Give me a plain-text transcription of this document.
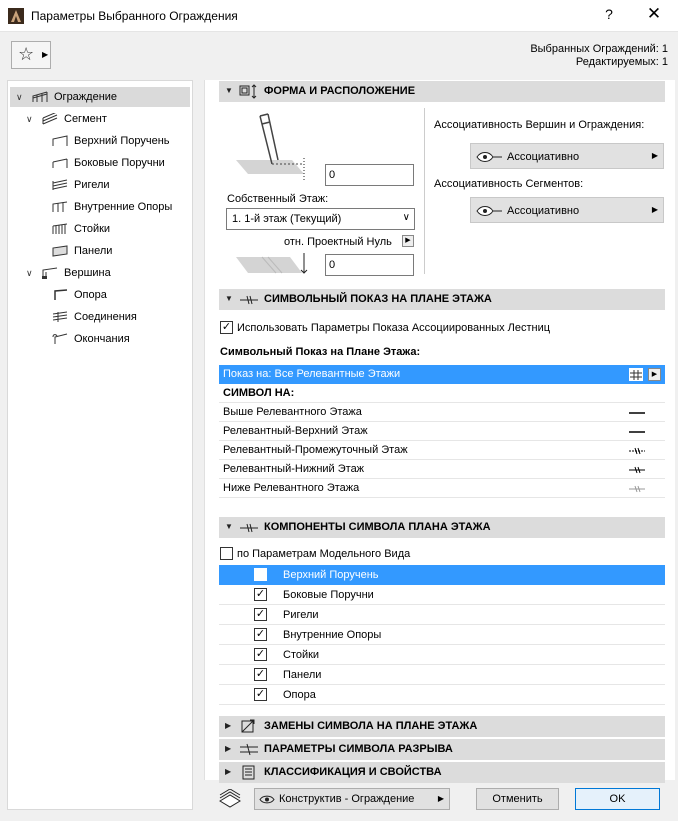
Параметры Выбранного Ограждения	?	✕
☆ ▶	Выбранных Ограждений: 1
Редактируемых: 1
∨	Ограждение
∨	Сегмент
Верхний Поручень
Боковые Поручни
Ригели
Внутренние Опоры
Стойки
Панели
∨	Вершина
Опора
Соединения
Окончания
▼	ФОРМА И РАСПОЛОЖЕНИЕ
0
Собственный Этаж:
1. 1-й этаж (Текущий)	∨
отн. Проектный Нуль	▶
0
Ассоциативность Вершин и Ограждения:
Ассоциативно	▶
Ассоциативность Сегментов:
Ассоциативно	▶
▼	СИМВОЛЬНЫЙ ПОКАЗ НА ПЛАНЕ ЭТАЖА
✓ Использовать Параметры Показа Ассоциированных Лестниц
Символьный Показ на Плане Этажа:
Показ на: Все Релевантные Этажи	▶
СИМВОЛ НА:
Выше Релевантного Этажа
Релевантный-Верхний Этаж
Релевантный-Промежуточный Этаж
Релевантный-Нижний Этаж
Ниже Релевантного Этажа
▼	КОМПОНЕНТЫ СИМВОЛА ПЛАНА ЭТАЖА
по Параметрам Модельного Вида
✓ Верхний Поручень
✓ Боковые Поручни
✓ Ригели
✓ Внутренние Опоры
✓ Стойки
✓ Панели
✓ Опора
▶	ЗАМЕНЫ СИМВОЛА НА ПЛАНЕ ЭТАЖА
▶	ПАРАМЕТРЫ СИМВОЛА РАЗРЫВА
▶	КЛАССИФИКАЦИЯ И СВОЙСТВА
Конструктив - Ограждение	▶	Отменить	OK
